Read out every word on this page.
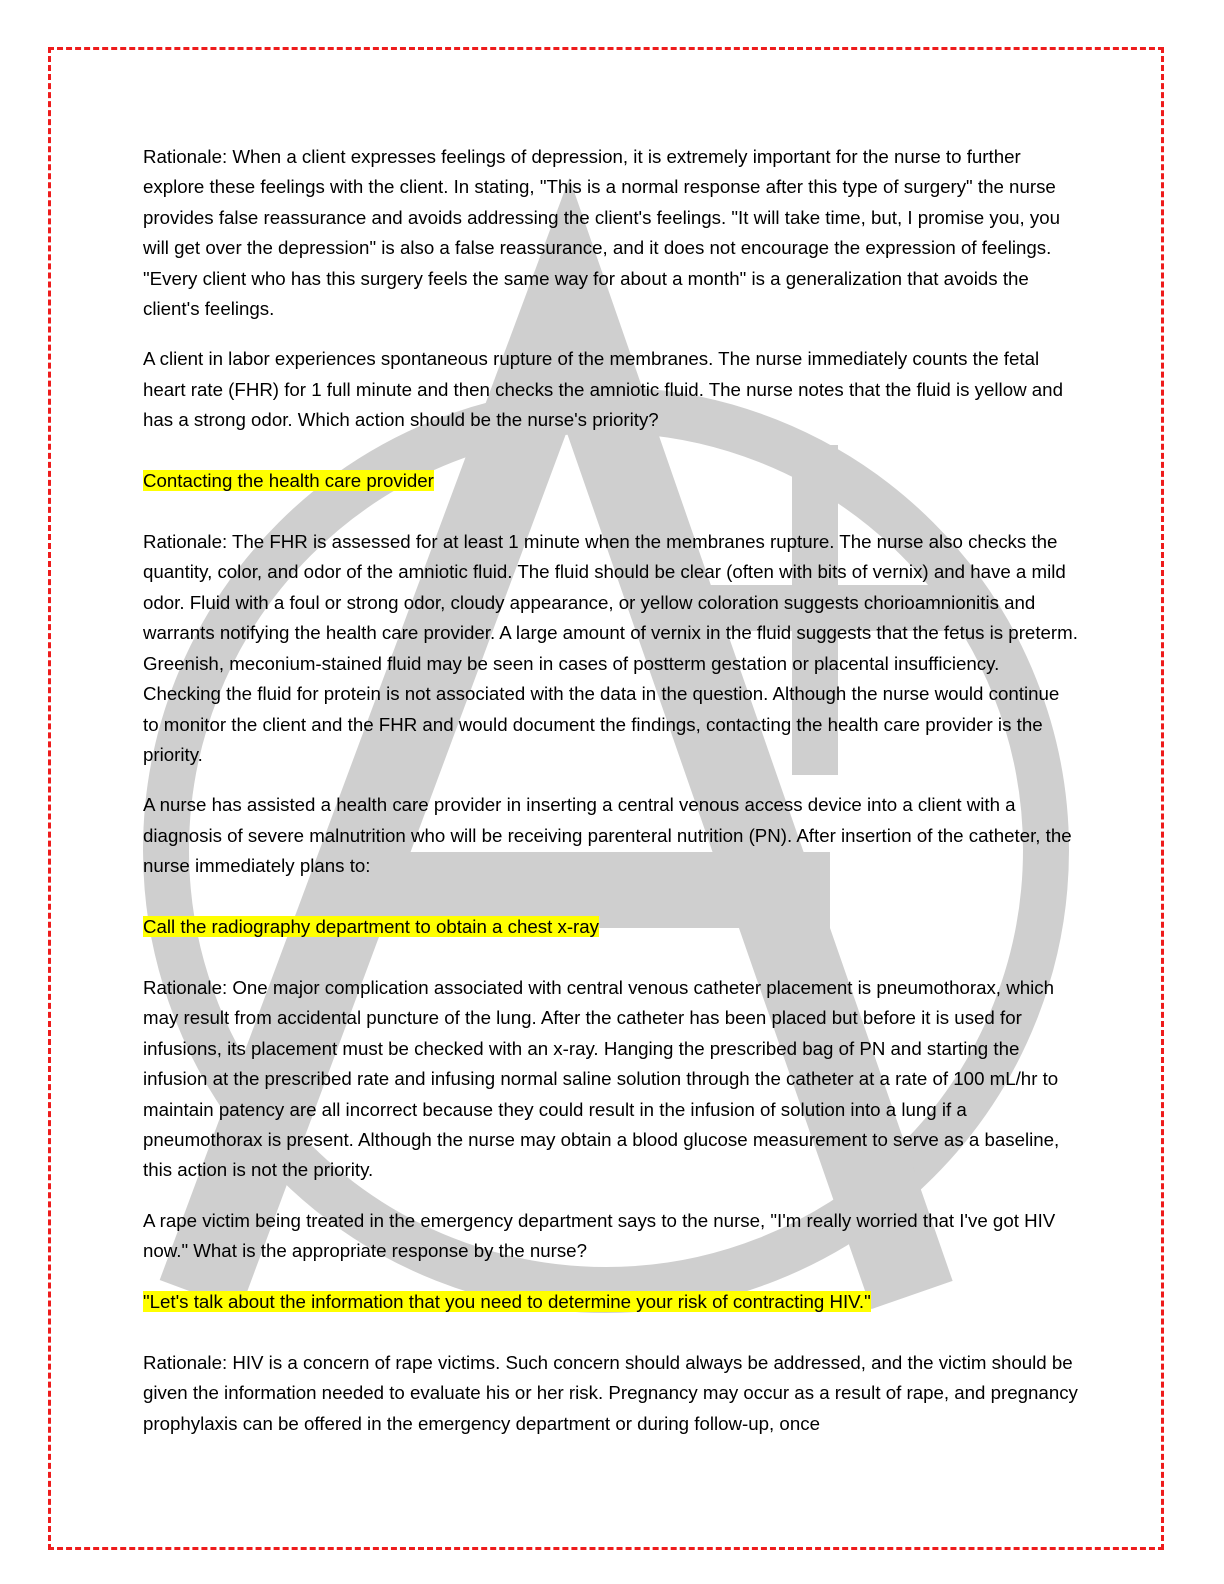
Rationale: When a client expresses feelings of depression, it is extremely important for the nurse to further explore these feelings with the client. In stating, "This is a normal response after this type of surgery" the nurse provides false reassurance and avoids addressing the client's feelings. "It will take time, but, I promise you, you will get over the depression" is also a false reassurance, and it does not encourage the expression of feelings. "Every client who has this surgery feels the same way for about a month" is a generalization that avoids the client's feelings.

A client in labor experiences spontaneous rupture of the membranes. The nurse immediately counts the fetal heart rate (FHR) for 1 full minute and then checks the amniotic fluid. The nurse notes that the fluid is yellow and has a strong odor. Which action should be the nurse's priority?

Contacting the health care provider

Rationale: The FHR is assessed for at least 1 minute when the membranes rupture. The nurse also checks the quantity, color, and odor of the amniotic fluid. The fluid should be clear (often with bits of vernix) and have a mild odor. Fluid with a foul or strong odor, cloudy appearance, or yellow coloration suggests chorioamnionitis and warrants notifying the health care provider. A large amount of vernix in the fluid suggests that the fetus is preterm. Greenish, meconium-stained fluid may be seen in cases of postterm gestation or placental insufficiency. Checking the fluid for protein is not associated with the data in the question. Although the nurse would continue to monitor the client and the FHR and would document the findings, contacting the health care provider is the priority.

A nurse has assisted a health care provider in inserting a central venous access device into a client with a diagnosis of severe malnutrition who will be receiving parenteral nutrition (PN). After insertion of the catheter, the nurse immediately plans to:

Call the radiography department to obtain a chest x-ray

Rationale: One major complication associated with central venous catheter placement is pneumothorax, which may result from accidental puncture of the lung. After the catheter has been placed but before it is used for infusions, its placement must be checked with an x-ray. Hanging the prescribed bag of PN and starting the infusion at the prescribed rate and infusing normal saline solution through the catheter at a rate of 100 mL/hr to maintain patency are all incorrect because they could result in the infusion of solution into a lung if a pneumothorax is present. Although the nurse may obtain a blood glucose measurement to serve as a baseline, this action is not the priority.

A rape victim being treated in the emergency department says to the nurse, "I'm really worried that I've got HIV now." What is the appropriate response by the nurse?

"Let's talk about the information that you need to determine your risk of contracting HIV."

Rationale: HIV is a concern of rape victims. Such concern should always be addressed, and the victim should be given the information needed to evaluate his or her risk. Pregnancy may occur as a result of rape, and pregnancy prophylaxis can be offered in the emergency department or during follow-up, once
